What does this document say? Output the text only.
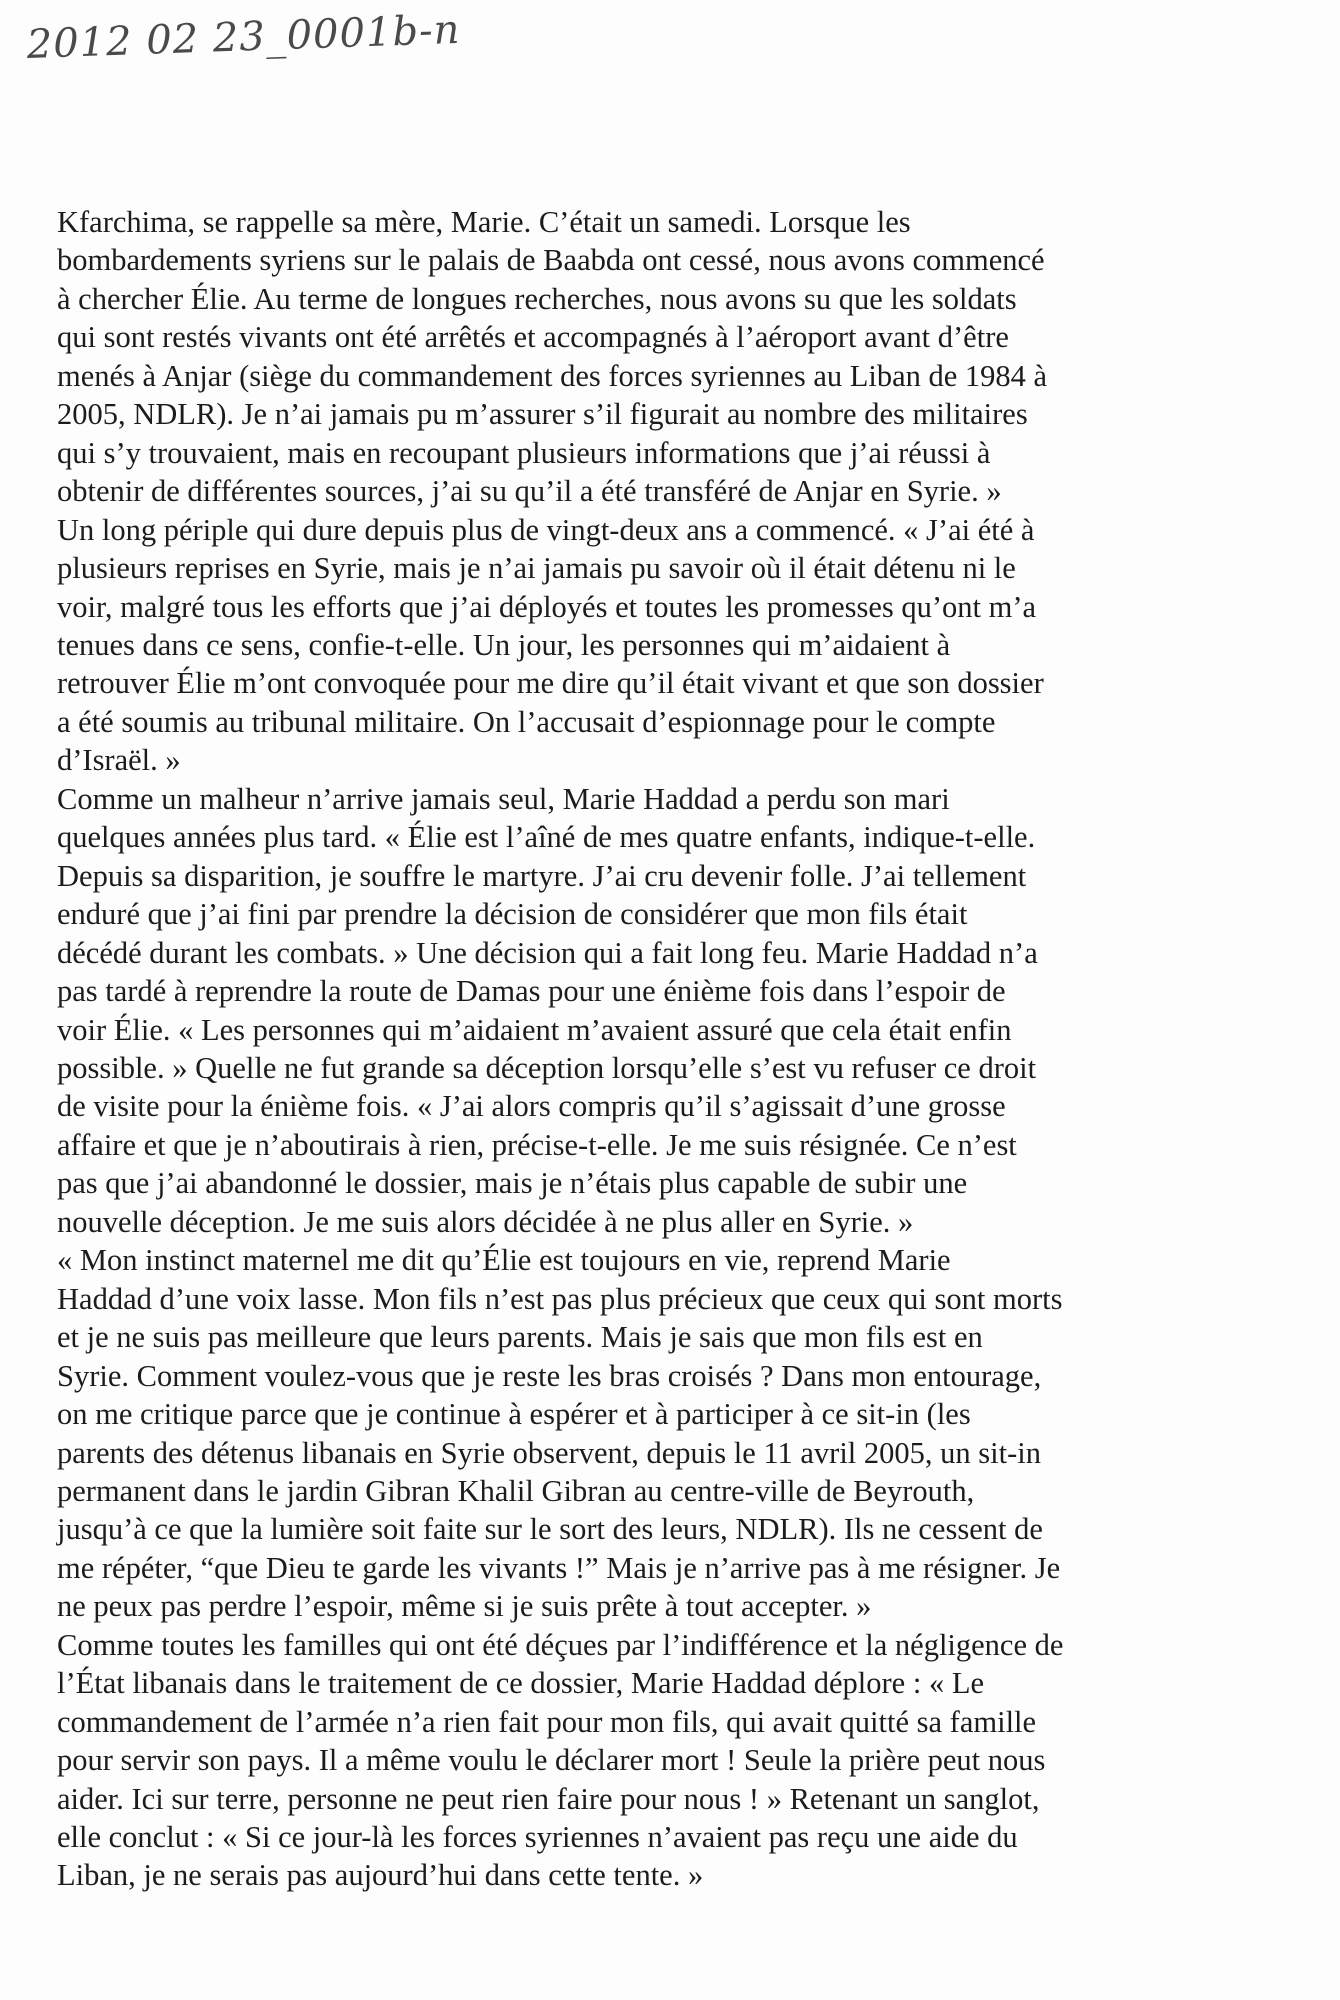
2012 02 23_0001b-n
Kfarchima, se rappelle sa mère, Marie. C’était un samedi. Lorsque les
bombardements syriens sur le palais de Baabda ont cessé, nous avons commencé
à chercher Élie. Au terme de longues recherches, nous avons su que les soldats
qui sont restés vivants ont été arrêtés et accompagnés à l’aéroport avant d’être
menés à Anjar (siège du commandement des forces syriennes au Liban de 1984 à
2005, NDLR). Je n’ai jamais pu m’assurer s’il figurait au nombre des militaires
qui s’y trouvaient, mais en recoupant plusieurs informations que j’ai réussi à
obtenir de différentes sources, j’ai su qu’il a été transféré de Anjar en Syrie. »
Un long périple qui dure depuis plus de vingt-deux ans a commencé. « J’ai été à
plusieurs reprises en Syrie, mais je n’ai jamais pu savoir où il était détenu ni le
voir, malgré tous les efforts que j’ai déployés et toutes les promesses qu’ont m’a
tenues dans ce sens, confie-t-elle. Un jour, les personnes qui m’aidaient à
retrouver Élie m’ont convoquée pour me dire qu’il était vivant et que son dossier
a été soumis au tribunal militaire. On l’accusait d’espionnage pour le compte
d’Israël. »
Comme un malheur n’arrive jamais seul, Marie Haddad a perdu son mari
quelques années plus tard. « Élie est l’aîné de mes quatre enfants, indique-t-elle.
Depuis sa disparition, je souffre le martyre. J’ai cru devenir folle. J’ai tellement
enduré que j’ai fini par prendre la décision de considérer que mon fils était
décédé durant les combats. » Une décision qui a fait long feu. Marie Haddad n’a
pas tardé à reprendre la route de Damas pour une énième fois dans l’espoir de
voir Élie. « Les personnes qui m’aidaient m’avaient assuré que cela était enfin
possible. » Quelle ne fut grande sa déception lorsqu’elle s’est vu refuser ce droit
de visite pour la énième fois. « J’ai alors compris qu’il s’agissait d’une grosse
affaire et que je n’aboutirais à rien, précise-t-elle. Je me suis résignée. Ce n’est
pas que j’ai abandonné le dossier, mais je n’étais plus capable de subir une
nouvelle déception. Je me suis alors décidée à ne plus aller en Syrie. »
« Mon instinct maternel me dit qu’Élie est toujours en vie, reprend Marie
Haddad d’une voix lasse. Mon fils n’est pas plus précieux que ceux qui sont morts
et je ne suis pas meilleure que leurs parents. Mais je sais que mon fils est en
Syrie. Comment voulez-vous que je reste les bras croisés ? Dans mon entourage,
on me critique parce que je continue à espérer et à participer à ce sit-in (les
parents des détenus libanais en Syrie observent, depuis le 11 avril 2005, un sit-in
permanent dans le jardin Gibran Khalil Gibran au centre-ville de Beyrouth,
jusqu’à ce que la lumière soit faite sur le sort des leurs, NDLR). Ils ne cessent de
me répéter, “que Dieu te garde les vivants !” Mais je n’arrive pas à me résigner. Je
ne peux pas perdre l’espoir, même si je suis prête à tout accepter. »
Comme toutes les familles qui ont été déçues par l’indifférence et la négligence de
l’État libanais dans le traitement de ce dossier, Marie Haddad déplore : « Le
commandement de l’armée n’a rien fait pour mon fils, qui avait quitté sa famille
pour servir son pays. Il a même voulu le déclarer mort ! Seule la prière peut nous
aider. Ici sur terre, personne ne peut rien faire pour nous ! » Retenant un sanglot,
elle conclut : « Si ce jour-là les forces syriennes n’avaient pas reçu une aide du
Liban, je ne serais pas aujourd’hui dans cette tente. »
